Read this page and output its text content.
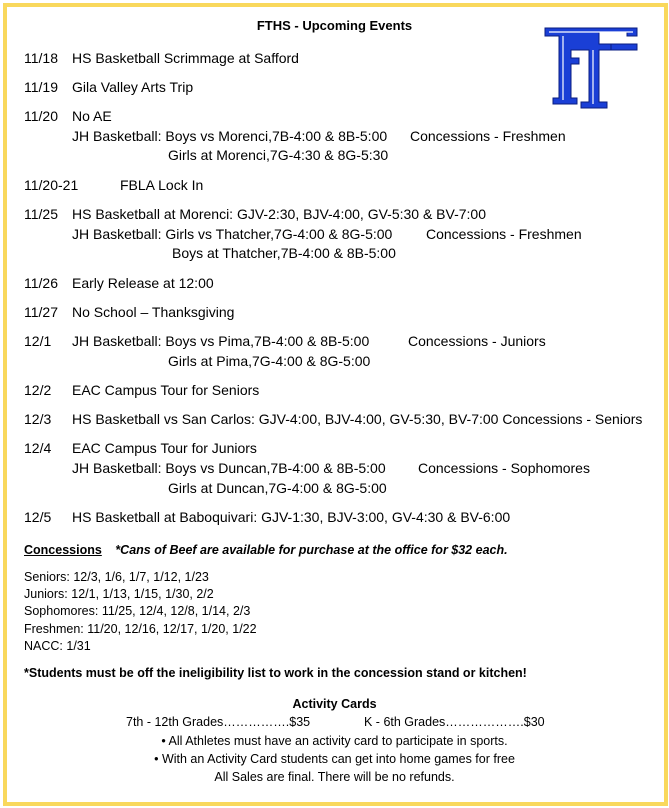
FTHS - Upcoming Events
11/18 HS Basketball Scrimmage at Safford
11/19 Gila Valley Arts Trip
11/20 No AE
JH Basketball: Boys vs Morenci,7B-4:00 & 8B-5:00 Concessions - Freshmen
Girls at Morenci,7G-4:30 & 8G-5:30
11/20-21	FBLA Lock In
11/25 HS Basketball at Morenci: GJV-2:30, BJV-4:00, GV-5:30 & BV-7:00
JH Basketball: Girls vs Thatcher,7G-4:00 & 8G-5:00 Concessions - Freshmen
Boys at Thatcher,7B-4:00 & 8B-5:00
11/26 Early Release at 12:00
11/27 No School – Thanksgiving
12/1 JH Basketball: Boys vs Pima,7B-4:00 & 8B-5:00	Concessions - Juniors
Girls at Pima,7G-4:00 & 8G-5:00
12/2 EAC Campus Tour for Seniors
12/3 HS Basketball vs San Carlos: GJV-4:00, BJV-4:00, GV-5:30, BV-7:00 Concessions - Seniors
12/4 EAC Campus Tour for Juniors
JH Basketball: Boys vs Duncan,7B-4:00 & 8B-5:00 Concessions - Sophomores
Girls at Duncan,7G-4:00 & 8G-5:00
12/5 HS Basketball at Baboquivari: GJV-1:30, BJV-3:00, GV-4:30 & BV-6:00
Concessions *Cans of Beef are available for purchase at the office for $32 each.
Seniors: 12/3, 1/6, 1/7, 1/12, 1/23
Juniors: 12/1, 1/13, 1/15, 1/30, 2/2
Sophomores: 11/25, 12/4, 12/8, 1/14, 2/3
Freshmen: 11/20, 12/16, 12/17, 1/20, 1/22
NACC: 1/31
*Students must be off the ineligibility list to work in the concession stand or kitchen!
Activity Cards
7th - 12th Grades…………….$35	K - 6th Grades……………….$30
• All Athletes must have an activity card to participate in sports.
• With an Activity Card students can get into home games for free
All Sales are final. There will be no refunds.
